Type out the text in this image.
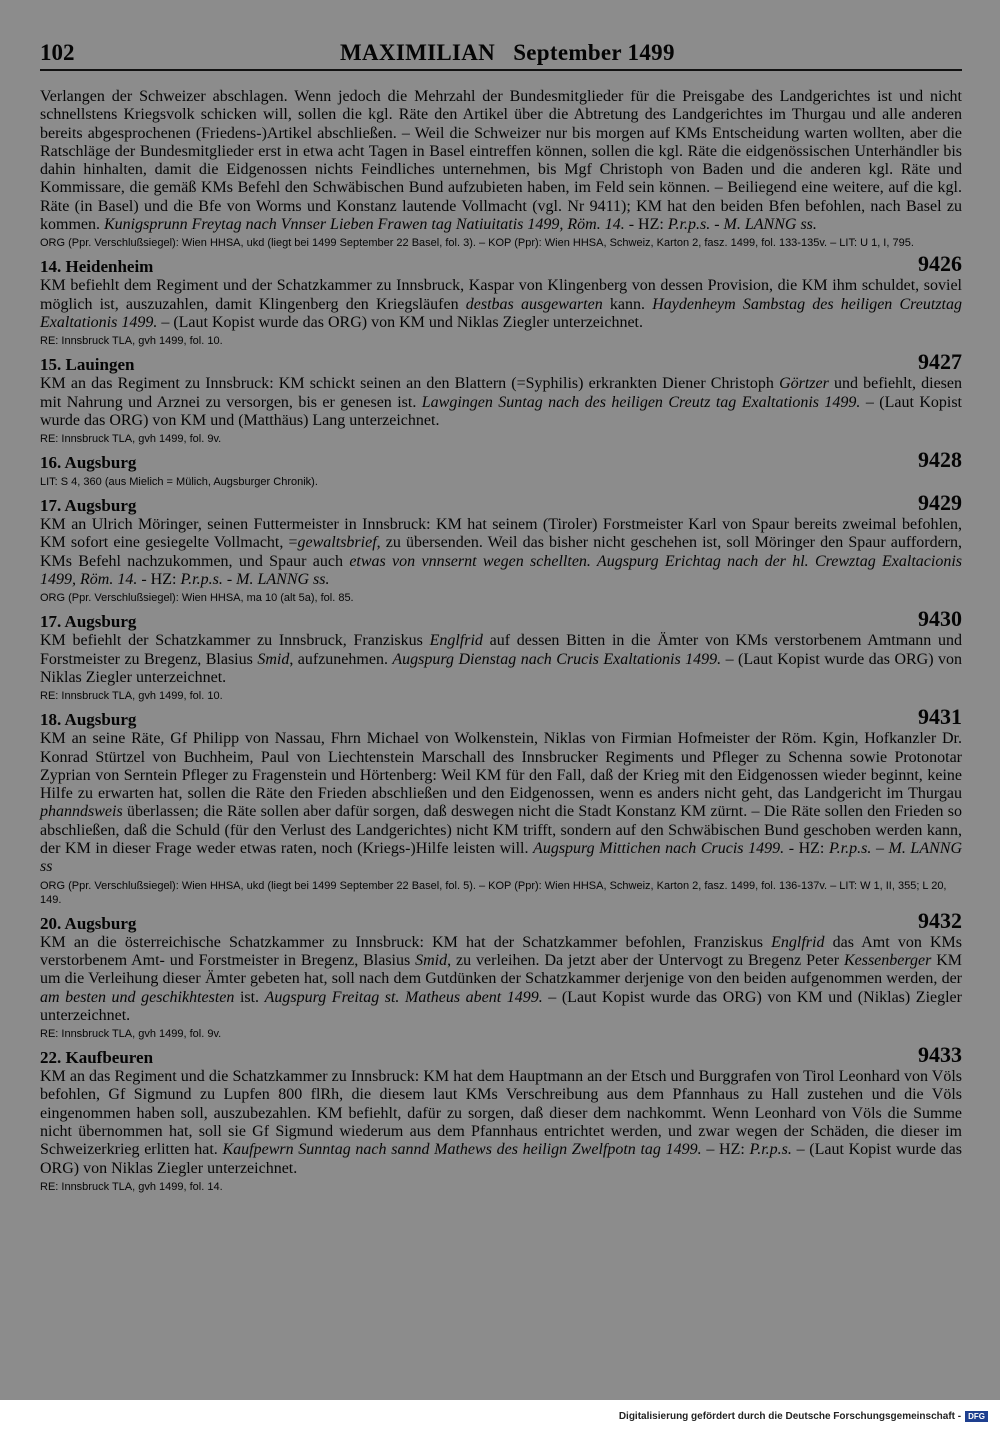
102	MAXIMILIAN   September 1499

Verlangen der Schweizer abschlagen. Wenn jedoch die Mehrzahl der Bundesmitglieder für die Preisgabe des Landgerichtes ist und nicht schnellstens Kriegsvolk schicken will, sollen die kgl. Räte den Artikel über die Abtretung des Landgerichtes im Thurgau und alle anderen bereits abgesprochenen (Friedens-)Artikel abschließen. – Weil die Schweizer nur bis morgen auf KMs Entscheidung warten wollten, aber die Ratschläge der Bundesmitglieder erst in etwa acht Tagen in Basel eintreffen können, sollen die kgl. Räte die eidgenössischen Unterhändler bis dahin hinhalten, damit die Eidgenossen nichts Feindliches unternehmen, bis Mgf Christoph von Baden und die anderen kgl. Räte und Kommissare, die gemäß KMs Befehl den Schwäbischen Bund aufzubieten haben, im Feld sein können. – Beiliegend eine weitere, auf die kgl. Räte (in Basel) und die Bfe von Worms und Konstanz lautende Vollmacht (vgl. Nr 9411); KM hat den beiden Bfen befohlen, nach Basel zu kommen. Kunigsprunn Freytag nach Vnnser Lieben Frawen tag Natiuitatis 1499, Röm. 14. - HZ: P.r.p.s. - M. LANNG ss.

ORG (Ppr. Verschlußsiegel): Wien HHSA, ukd (liegt bei 1499 September 22 Basel, fol. 3). – KOP (Ppr): Wien HHSA, Schweiz, Karton 2, fasz. 1499, fol. 133-135v. – LIT: U 1, I, 795.

14. Heidenheim	9426

KM befiehlt dem Regiment und der Schatzkammer zu Innsbruck, Kaspar von Klingenberg von dessen Provision, die KM ihm schuldet, soviel möglich ist, auszuzahlen, damit Klingenberg den Kriegsläufen destbas ausgewarten kann. Haydenheym Sambstag des heiligen Creutztag Exaltationis 1499. – (Laut Kopist wurde das ORG) von KM und Niklas Ziegler unterzeichnet.

RE: Innsbruck TLA, gvh 1499, fol. 10.

15. Lauingen	9427

KM an das Regiment zu Innsbruck: KM schickt seinen an den Blattern (=Syphilis) erkrankten Diener Christoph Görtzer und befiehlt, diesen mit Nahrung und Arznei zu versorgen, bis er genesen ist. Lawgingen Suntag nach des heiligen Creutz tag Exaltationis 1499. – (Laut Kopist wurde das ORG) von KM und (Matthäus) Lang unterzeichnet.

RE: Innsbruck TLA, gvh 1499, fol. 9v.

16. Augsburg	9428

LIT: S 4, 360 (aus Mielich = Mülich, Augsburger Chronik).

17. Augsburg	9429

KM an Ulrich Möringer, seinen Futtermeister in Innsbruck: KM hat seinem (Tiroler) Forstmeister Karl von Spaur bereits zweimal befohlen, KM sofort eine gesiegelte Vollmacht, =gewaltsbrief, zu übersenden. Weil das bisher nicht geschehen ist, soll Möringer den Spaur auffordern, KMs Befehl nachzukommen, und Spaur auch etwas von vnnsernt wegen schellten. Augspurg Erichtag nach der hl. Crewztag Exaltacionis 1499, Röm. 14. - HZ: P.r.p.s. - M. LANNG ss.

ORG (Ppr. Verschlußsiegel): Wien HHSA, ma 10 (alt 5a), fol. 85.

17. Augsburg	9430

KM befiehlt der Schatzkammer zu Innsbruck, Franziskus Englfrid auf dessen Bitten in die Ämter von KMs verstorbenem Amtmann und Forstmeister zu Bregenz, Blasius Smid, aufzunehmen. Augspurg Dienstag nach Crucis Exaltationis 1499. – (Laut Kopist wurde das ORG) von Niklas Ziegler unterzeichnet.

RE: Innsbruck TLA, gvh 1499, fol. 10.

18. Augsburg	9431

KM an seine Räte, Gf Philipp von Nassau, Fhrn Michael von Wolkenstein, Niklas von Firmian Hofmeister der Röm. Kgin, Hofkanzler Dr. Konrad Stürtzel von Buchheim, Paul von Liechtenstein Marschall des Innsbrucker Regiments und Pfleger zu Schenna sowie Protonotar Zyprian von Serntein Pfleger zu Fragenstein und Hörtenberg: Weil KM für den Fall, daß der Krieg mit den Eidgenossen wieder beginnt, keine Hilfe zu erwarten hat, sollen die Räte den Frieden abschließen und den Eidgenossen, wenn es anders nicht geht, das Landgericht im Thurgau phanndsweis überlassen; die Räte sollen aber dafür sorgen, daß deswegen nicht die Stadt Konstanz KM zürnt. – Die Räte sollen den Frieden so abschließen, daß die Schuld (für den Verlust des Landgerichtes) nicht KM trifft, sondern auf den Schwäbischen Bund geschoben werden kann, der KM in dieser Frage weder etwas raten, noch (Kriegs-)Hilfe leisten will. Augspurg Mittichen nach Crucis 1499. - HZ: P.r.p.s. – M. LANNG ss

ORG (Ppr. Verschlußsiegel): Wien HHSA, ukd (liegt bei 1499 September 22 Basel, fol. 5). – KOP (Ppr): Wien HHSA, Schweiz, Karton 2, fasz. 1499, fol. 136-137v. – LIT: W 1, II, 355; L 20, 149.

20. Augsburg	9432

KM an die österreichische Schatzkammer zu Innsbruck: KM hat der Schatzkammer befohlen, Franziskus Englfrid das Amt von KMs verstorbenem Amt- und Forstmeister in Bregenz, Blasius Smid, zu verleihen. Da jetzt aber der Untervogt zu Bregenz Peter Kessenberger KM um die Verleihung dieser Ämter gebeten hat, soll nach dem Gutdünken der Schatzkammer derjenige von den beiden aufgenommen werden, der am besten und geschikhtesten ist. Augspurg Freitag st. Matheus abent 1499. – (Laut Kopist wurde das ORG) von KM und (Niklas) Ziegler unterzeichnet.

RE: Innsbruck TLA, gvh 1499, fol. 9v.

22. Kaufbeuren	9433

KM an das Regiment und die Schatzkammer zu Innsbruck: KM hat dem Hauptmann an der Etsch und Burggrafen von Tirol Leonhard von Völs befohlen, Gf Sigmund zu Lupfen 800 flRh, die diesem laut KMs Verschreibung aus dem Pfannhaus zu Hall zustehen und die Völs eingenommen haben soll, auszubezahlen. KM befiehlt, dafür zu sorgen, daß dieser dem nachkommt. Wenn Leonhard von Völs die Summe nicht übernommen hat, soll sie Gf Sigmund wiederum aus dem Pfannhaus entrichtet werden, und zwar wegen der Schäden, die dieser im Schweizerkrieg erlitten hat. Kaufpewrn Sunntag nach sannd Mathews des heilign Zwelfpotn tag 1499. – HZ: P.r.p.s. – (Laut Kopist wurde das ORG) von Niklas Ziegler unterzeichnet.

RE: Innsbruck TLA, gvh 1499, fol. 14.

Digitalisierung gefördert durch die Deutsche Forschungsgemeinschaft - DFG
